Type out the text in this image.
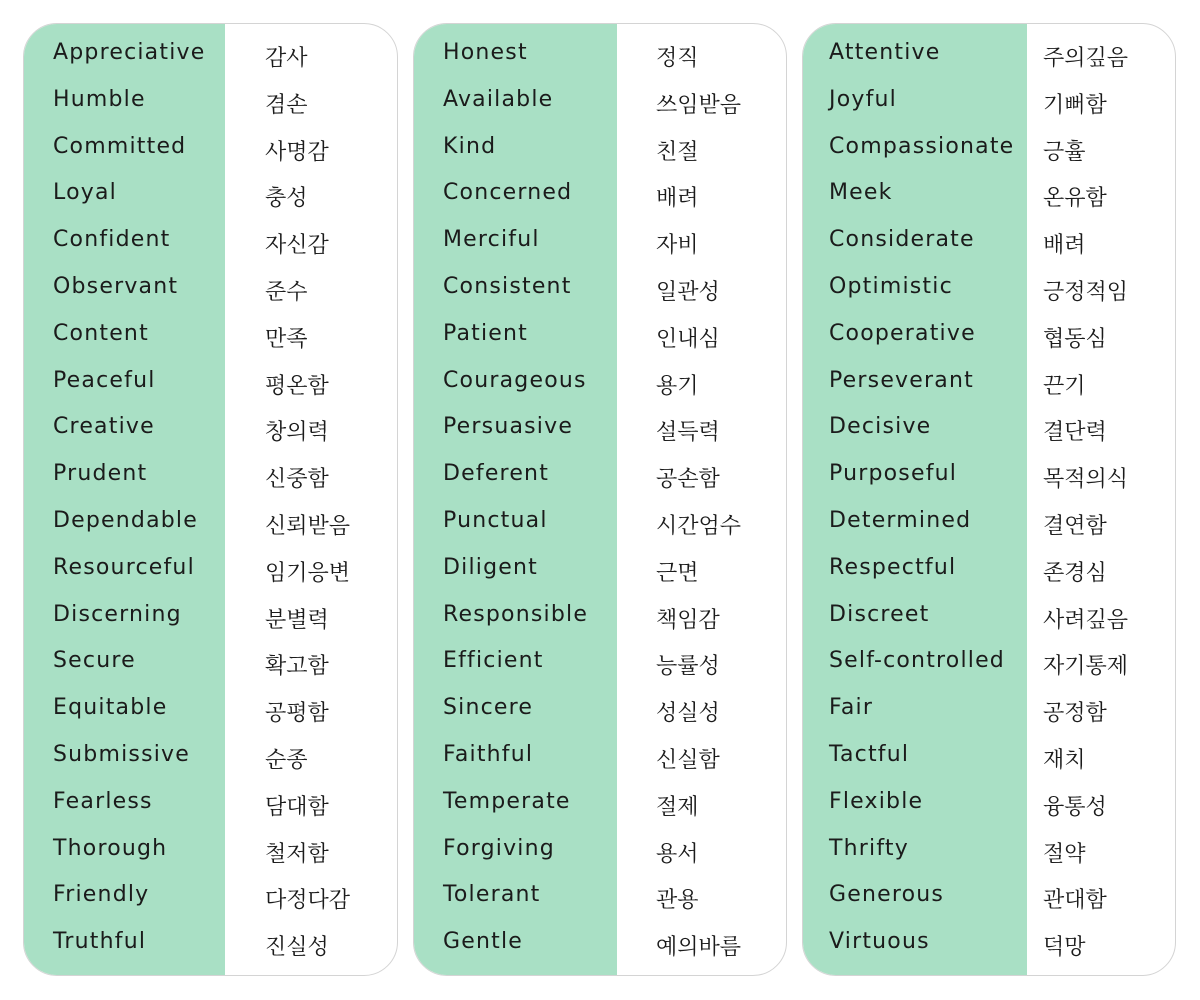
Appreciative	감사
Humble	겸손
Committed	사명감
Loyal	충성
Confident	자신감
Observant	준수
Content	만족
Peaceful	평온함
Creative	창의력
Prudent	신중함
Dependable	신뢰받음
Resourceful	임기응변
Discerning	분별력
Secure	확고함
Equitable	공평함
Submissive	순종
Fearless	담대함
Thorough	철저함
Friendly	다정다감
Truthful	진실성
Honest	정직
Available	쓰임받음
Kind	친절
Concerned	배려
Merciful	자비
Consistent	일관성
Patient	인내심
Courageous	용기
Persuasive	설득력
Deferent	공손함
Punctual	시간엄수
Diligent	근면
Responsible	책임감
Efficient	능률성
Sincere	성실성
Faithful	신실함
Temperate	절제
Forgiving	용서
Tolerant	관용
Gentle	예의바름
Attentive	주의깊음
Joyful	기뻐함
Compassionate 긍휼
Meek	온유함
Considerate	배려
Optimistic	긍정적임
Cooperative	협동심
Perseverant	끈기
Decisive	결단력
Purposeful	목적의식
Determined	결연함
Respectful	존경심
Discreet	사려깊음
Self-controlled 자기통제
Fair	공정함
Tactful	재치
Flexible	융통성
Thrifty	절약
Generous	관대함
Virtuous	덕망
